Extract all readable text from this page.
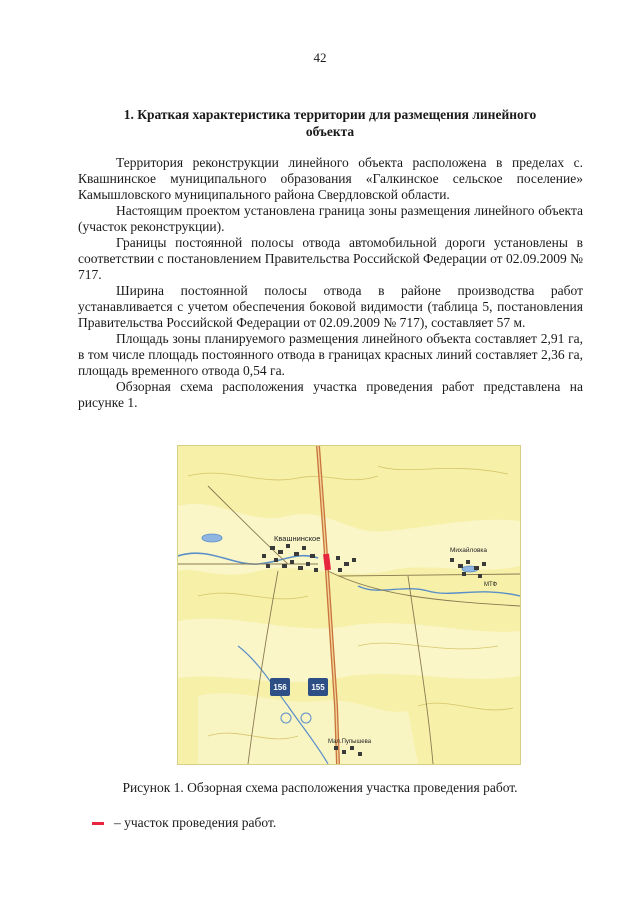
42
1. Краткая характеристика территории для размещения линейного объекта

Территория реконструкции линейного объекта расположена в пределах с. Квашнинское муниципального образования «Галкинское сельское поселение» Камышловского муниципального района Свердловской области.

Настоящим проектом установлена граница зоны размещения линейного объекта (участок реконструкции).

Границы постоянной полосы отвода автомобильной дороги установлены в соответствии с постановлением Правительства Российской Федерации от 02.09.2009 № 717.

Ширина постоянной полосы отвода в районе производства работ устанавливается с учетом обеспечения боковой видимости (таблица 5, постановления Правительства Российской Федерации от 02.09.2009 № 717), составляет 57 м.

Площадь зоны планируемого размещения линейного объекта составляет 2,91 га, в том числе площадь постоянного отвода в границах красных линий составляет 2,36 га, площадь временного отвода 0,54 га.

Обзорная схема расположения участка проведения работ представлена на рисунке 1.

Квашнинское
Михайловка
МТФ
Мал.Пупышева
156	155
Рисунок 1. Обзорная схема расположения участка проведения работ.
– участок проведения работ.
